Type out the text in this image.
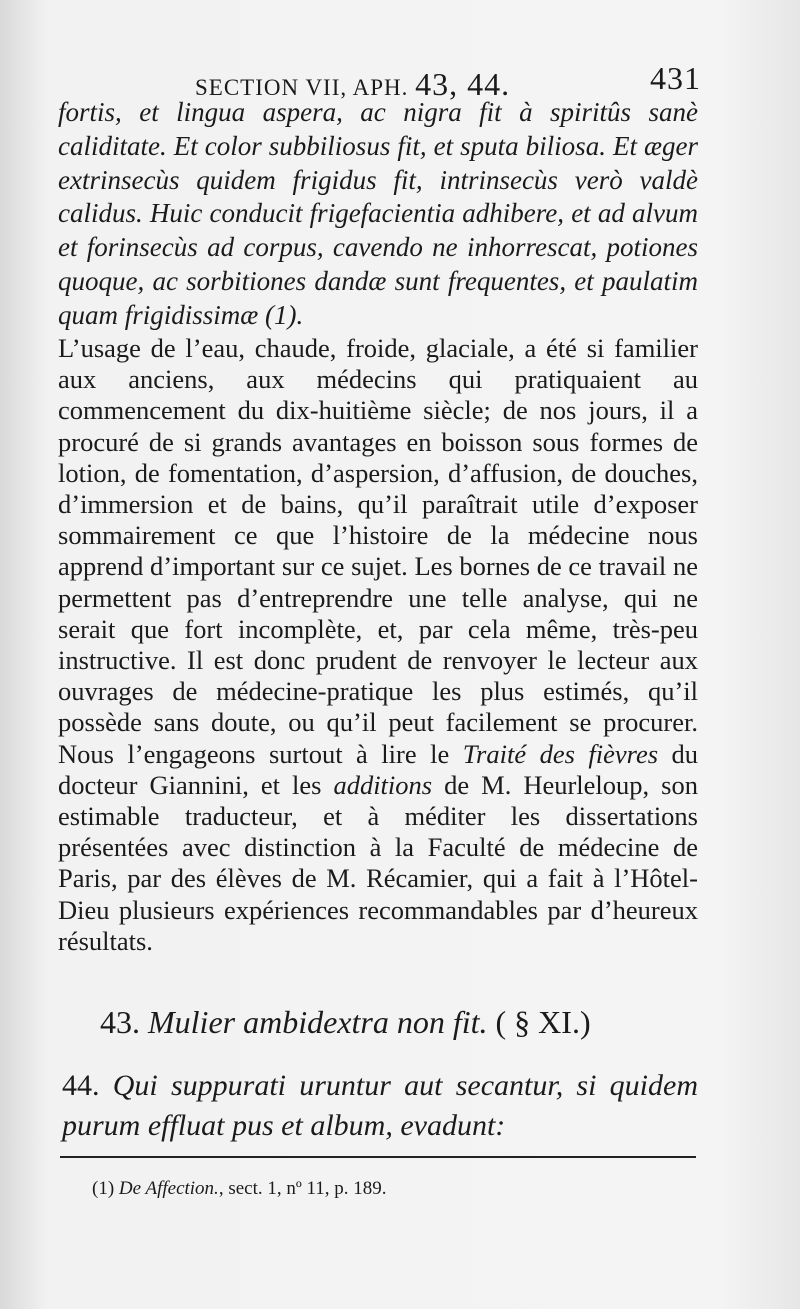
SECTION VII, APH. 43, 44.	431
fortis, et lingua aspera, ac nigra fit à spiritûs sanè caliditate. Et color subbiliosus fit, et sputa biliosa. Et æger extrinsecùs quidem frigidus fit, intrinsecùs verò valdè calidus. Huic conducit frigefacientia adhibere, et ad alvum et forinsecùs ad corpus, cavendo ne inhorrescat, potiones quoque, ac sorbitiones dandæ sunt frequentes, et paulatim quam frigidissimæ (1).

L’usage de l’eau, chaude, froide, glaciale, a été si familier aux anciens, aux médecins qui pratiquaient au commencement du dix-huitième siècle; de nos jours, il a procuré de si grands avantages en boisson sous formes de lotion, de fomentation, d’aspersion, d’affusion, de douches, d’immersion et de bains, qu’il paraîtrait utile d’exposer sommairement ce que l’histoire de la médecine nous apprend d’important sur ce sujet. Les bornes de ce travail ne permettent pas d’entreprendre une telle analyse, qui ne serait que fort incomplète, et, par cela même, très-peu instructive. Il est donc prudent de renvoyer le lecteur aux ouvrages de médecine-pratique les plus estimés, qu’il possède sans doute, ou qu’il peut facilement se procurer. Nous l’engageons surtout à lire le Traité des fièvres du docteur Giannini, et les additions de M. Heurleloup, son estimable traducteur, et à méditer les dissertations présentées avec distinction à la Faculté de médecine de Paris, par des élèves de M. Récamier, qui a fait à l’Hôtel-Dieu plusieurs expériences recommandables par d’heureux résultats.

43. Mulier ambidextra non fit. ( § XI.)
44. Qui suppurati uruntur aut secantur, si quidem purum effluat pus et album, evadunt:
(1) De Affection., sect. 1, nº 11, p. 189.
